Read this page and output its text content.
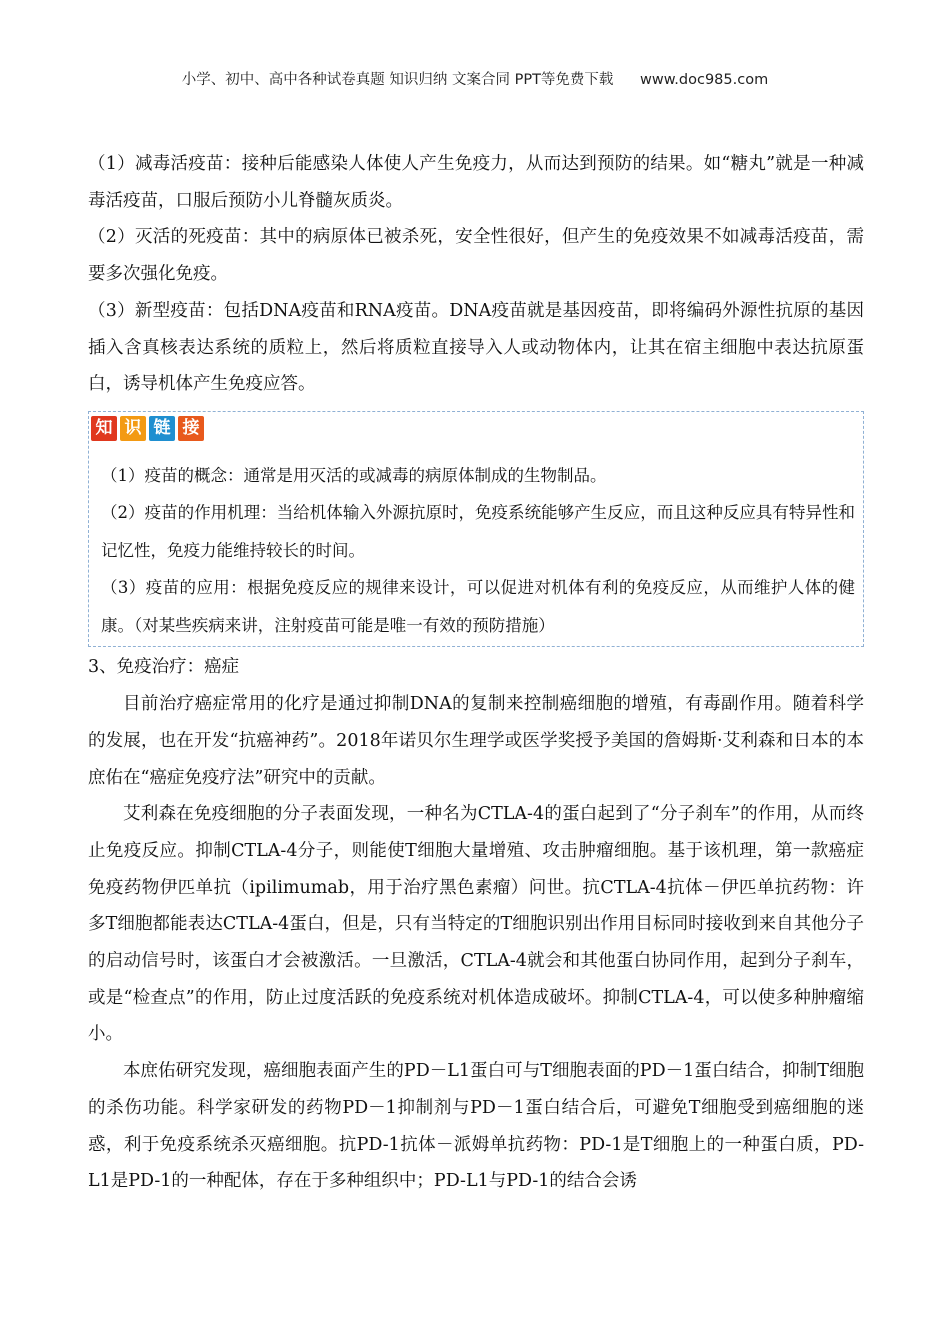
小学、初中、高中各种试卷真题 知识归纳 文案合同 PPT等免费下载 www.doc985.com

（1）减毒活疫苗：接种后能感染人体使人产生免疫力，从而达到预防的结果。如“糖丸”就是一种减毒活疫苗，口服后预防小儿脊髓灰质炎。

（2）灭活的死疫苗：其中的病原体已被杀死，安全性很好，但产生的免疫效果不如减毒活疫苗，需要多次强化免疫。

（3）新型疫苗：包括DNA疫苗和RNA疫苗。DNA疫苗就是基因疫苗，即将编码外源性抗原的基因插入含真核表达系统的质粒上，然后将质粒直接导入人或动物体内，让其在宿主细胞中表达抗原蛋白，诱导机体产生免疫应答。

知 识 链 接

（1）疫苗的概念：通常是用灭活的或减毒的病原体制成的生物制品。

（2）疫苗的作用机理：当给机体输入外源抗原时，免疫系统能够产生反应，而且这种反应具有特异性和记忆性，免疫力能维持较长的时间。

（3）疫苗的应用：根据免疫反应的规律来设计，可以促进对机体有利的免疫反应，从而维护人体的健康。（对某些疾病来讲，注射疫苗可能是唯一有效的预防措施）

3、免疫治疗：癌症

目前治疗癌症常用的化疗是通过抑制DNA的复制来控制癌细胞的增殖，有毒副作用。随着科学的发展，也在开发“抗癌神药”。2018年诺贝尔生理学或医学奖授予美国的詹姆斯·艾利森和日本的本庶佑在“癌症免疫疗法”研究中的贡献。

艾利森在免疫细胞的分子表面发现，一种名为CTLA-4的蛋白起到了“分子刹车”的作用，从而终止免疫反应。抑制CTLA-4分子，则能使T细胞大量增殖、攻击肿瘤细胞。基于该机理，第一款癌症免疫药物伊匹单抗（ipilimumab，用于治疗黑色素瘤）问世。抗CTLA-4抗体－伊匹单抗药物：许多T细胞都能表达CTLA-4蛋白，但是，只有当特定的T细胞识别出作用目标同时接收到来自其他分子的启动信号时，该蛋白才会被激活。一旦激活，CTLA-4就会和其他蛋白协同作用，起到分子刹车，或是“检查点”的作用，防止过度活跃的免疫系统对机体造成破坏。抑制CTLA-4，可以使多种肿瘤缩小。

本庶佑研究发现，癌细胞表面产生的PD－L1蛋白可与T细胞表面的PD－1蛋白结合，抑制T细胞的杀伤功能。科学家研发的药物PD－1抑制剂与PD－1蛋白结合后，可避免T细胞受到癌细胞的迷惑，利于免疫系统杀灭癌细胞。抗PD-1抗体－派姆单抗药物：PD-1是T细胞上的一种蛋白质，PD-L1是PD-1的一种配体，存在于多种组织中；PD-L1与PD-1的结合会诱
